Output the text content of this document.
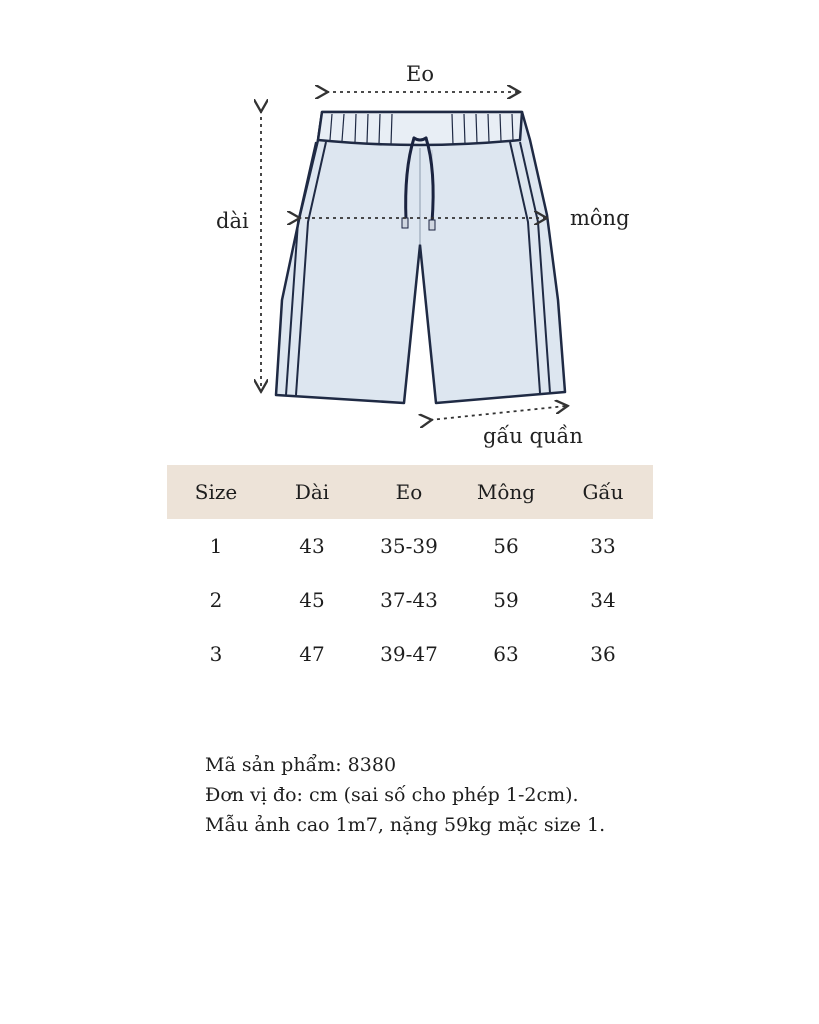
Eo
dài	mông
gấu quần
Size	Dài	Eo	Mông	Gấu
1	43	35-39	56	33
2	45	37-43	59	34
3	47	39-47	63	36
Mã sản phẩm: 8380
Đơn vị đo: cm (sai số cho phép 1-2cm).
Mẫu ảnh cao 1m7, nặng 59kg mặc size 1.
